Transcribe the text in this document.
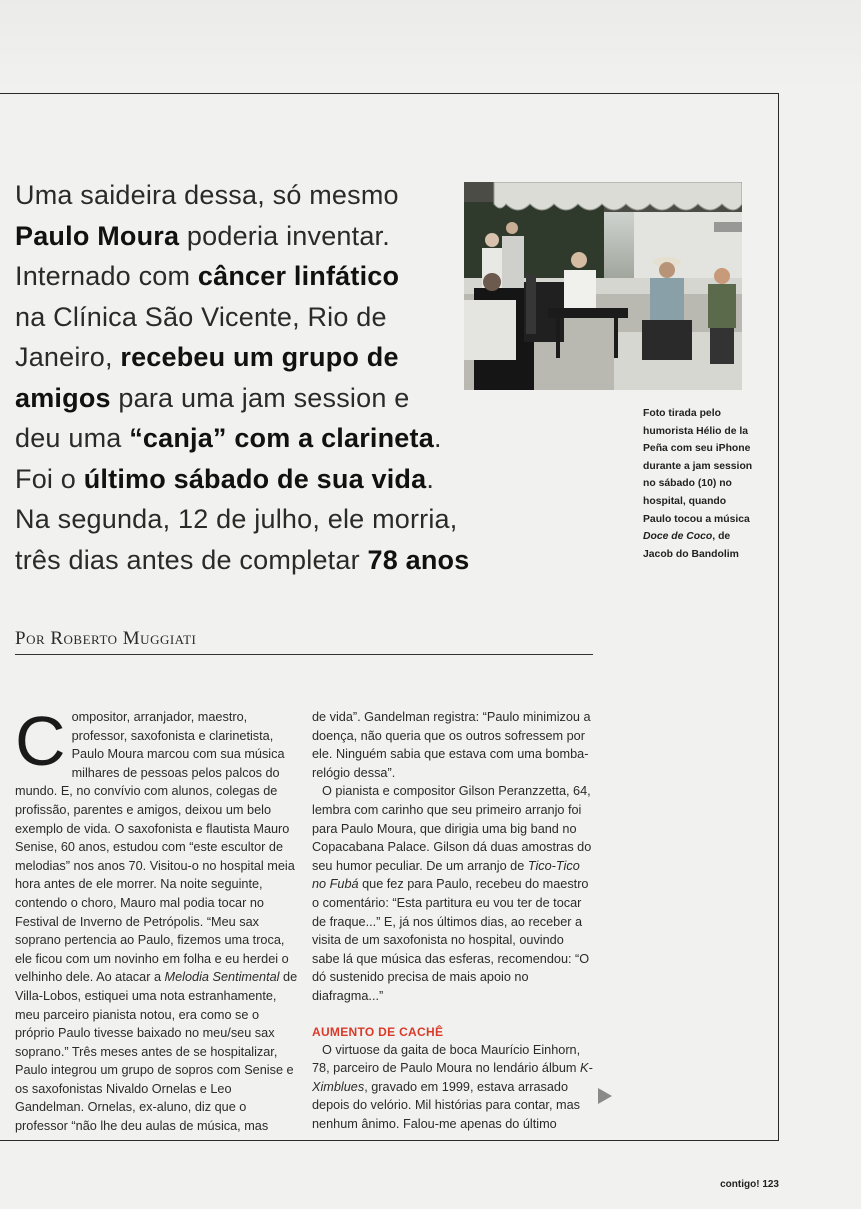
Uma saideira dessa, só mesmo
Paulo Moura poderia inventar.
Internado com câncer linfático
na Clínica São Vicente, Rio de
Janeiro, recebeu um grupo de
amigos para uma jam session e
deu uma “canja” com a clarineta.
Foi o último sábado de sua vida.
Na segunda, 12 de julho, ele morria,
três dias antes de completar 78 anos
Foto tirada pelo humorista Hélio de la Peña com seu iPhone durante a jam session no sábado (10) no hospital, quando Paulo tocou a música Doce de Coco, de Jacob do Bandolim
Por Roberto Muggiati

Compositor, arranjador, maestro, professor, saxofonista e clarinetista, Paulo Moura marcou com sua música milhares de pessoas pelos palcos do mundo. E, no convívio com alunos, colegas de profissão, parentes e amigos, deixou um belo exemplo de vida. O saxofonista e flautista Mauro Senise, 60 anos, estudou com “este escultor de melodias” nos anos 70. Visitou-o no hospital meia hora antes de ele morrer. Na noite seguinte, contendo o choro, Mauro mal podia tocar no Festival de Inverno de Petrópolis. “Meu sax soprano pertencia ao Paulo, fizemos uma troca, ele ficou com um novinho em folha e eu herdei o velhinho dele. Ao atacar a Melodia Sentimental de Villa-Lobos, estiquei uma nota estranhamente, meu parceiro pianista notou, era como se o próprio Paulo tivesse baixado no meu/seu sax soprano.” Três meses antes de se hospitalizar, Paulo integrou um grupo de sopros com Senise e os saxofonistas Nivaldo Ornelas e Leo Gandelman. Ornelas, ex-aluno, diz que o professor “não lhe deu aulas de música, mas

de vida”. Gandelman registra: “Paulo minimizou a doença, não queria que os outros sofressem por ele. Ninguém sabia que estava com uma bomba-relógio dessa”.

O pianista e compositor Gilson Peranzzetta, 64, lembra com carinho que seu primeiro arranjo foi para Paulo Moura, que dirigia uma big band no Copacabana Palace. Gilson dá duas amostras do seu humor peculiar. De um arranjo de Tico-Tico no Fubá que fez para Paulo, recebeu do maestro o comentário: “Esta partitura eu vou ter de tocar de fraque...” E, já nos últimos dias, ao receber a visita de um saxofonista no hospital, ouvindo sabe lá que música das esferas, recomendou: “O dó sustenido precisa de mais apoio no diafragma...”

AUMENTO DE CACHÊ

O virtuose da gaita de boca Maurício Einhorn, 78, parceiro de Paulo Moura no lendário álbum K-Ximblues, gravado em 1999, estava arrasado depois do velório. Mil histórias para contar, mas nenhum ânimo. Falou-me apenas do último

contigo! 123
